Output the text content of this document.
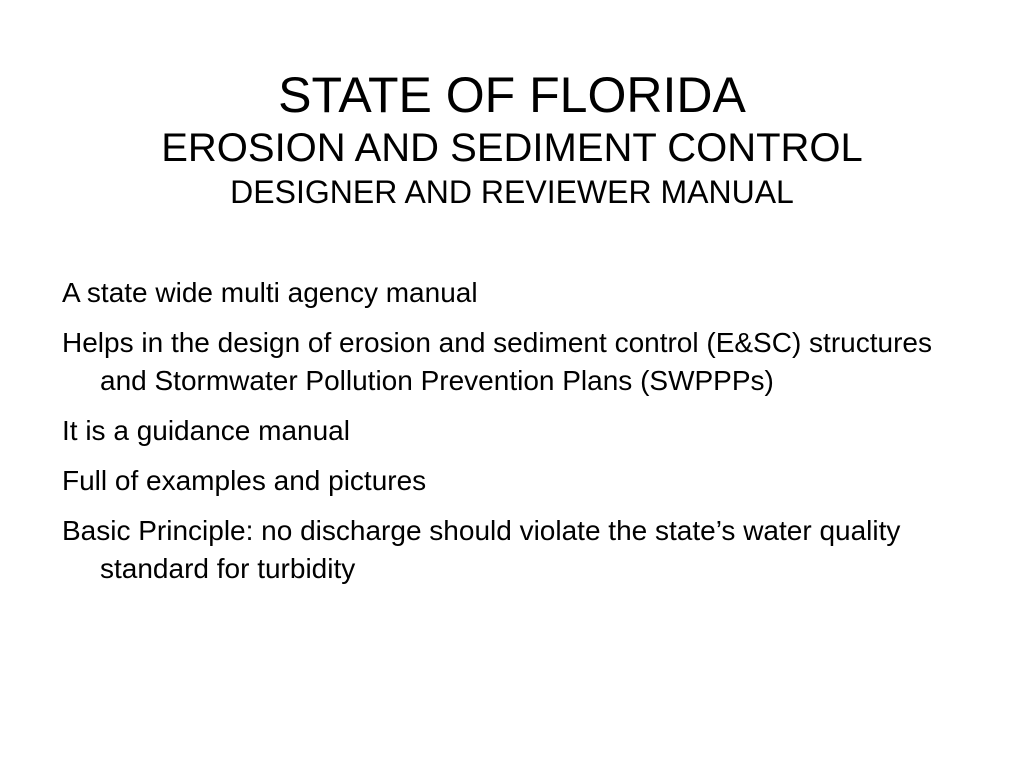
STATE OF FLORIDA
EROSION AND SEDIMENT CONTROL
DESIGNER AND REVIEWER MANUAL
A state wide multi agency manual
Helps in the design of erosion and sediment control (E&SC) structures and Stormwater Pollution Prevention Plans (SWPPPs)
It is a guidance manual
Full of examples and pictures
Basic Principle: no discharge should violate the state’s water quality standard for turbidity
